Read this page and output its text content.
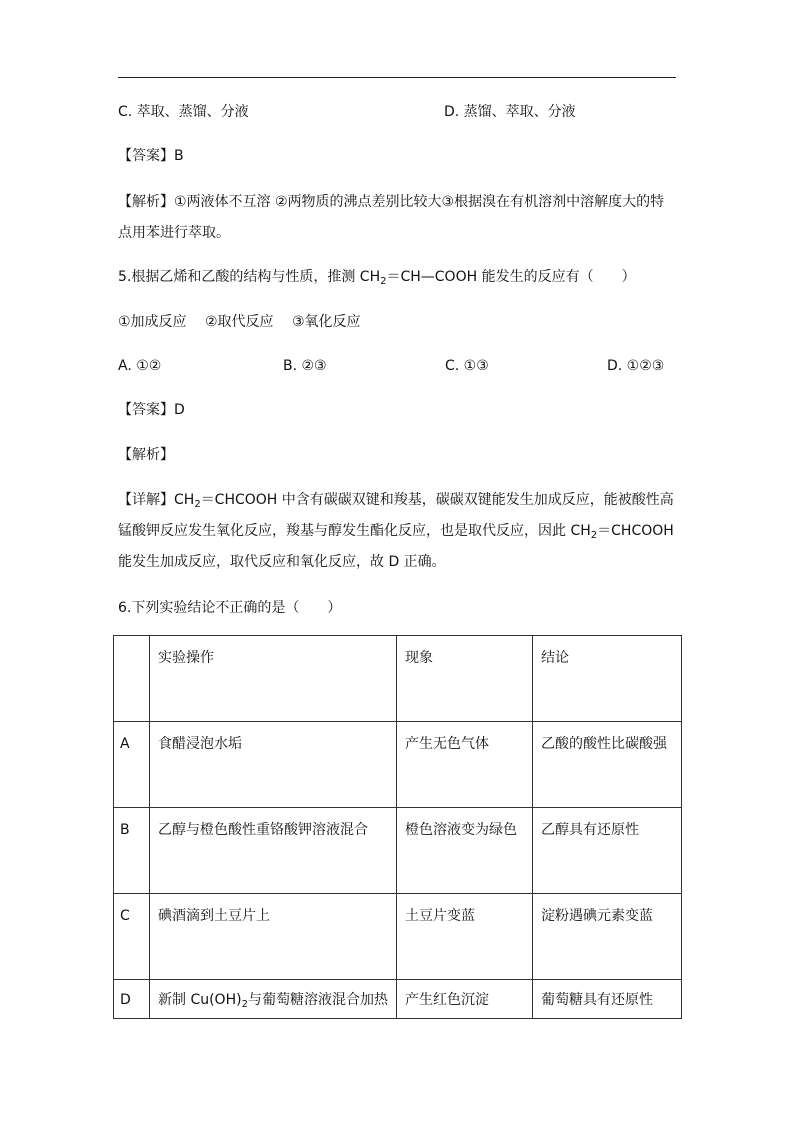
C. 萃取、蒸馏、分液	D. 蒸馏、萃取、分液
【答案】B
【解析】①两液体不互溶 ②两物质的沸点差别比较大③根据溴在有机溶剂中溶解度大的特
点用苯进行萃取。
5.根据乙烯和乙酸的结构与性质，推测 $CH_2=CH—COOH$ 能发生的反应有（　　）
①加成反应　 ②取代反应　 ③氧化反应
A. ①②	B. ②③	C. ①③	D. ①②③
【答案】D
【解析】
【详解】$CH_2=CHCOOH$ 中含有碳碳双键和羧基，碳碳双键能发生加成反应，能被酸性高
锰酸钾反应发生氧化反应，羧基与醇发生酯化反应，也是取代反应，因此 $CH_2=CHCOOH$
能发生加成反应，取代反应和氧化反应，故 D 正确。
6.下列实验结论不正确的是（　　）
	实验操作	现象	结论
A	食醋浸泡水垢	产生无色气体	乙酸的酸性比碳酸强
B	乙醇与橙色酸性重铬酸钾溶液混合	橙色溶液变为绿色	乙醇具有还原性
C	碘酒滴到土豆片上	土豆片变蓝	淀粉遇碘元素变蓝
D	新制 $Cu(OH)_2$与葡萄糖溶液混合加热	产生红色沉淀	葡萄糖具有还原性
